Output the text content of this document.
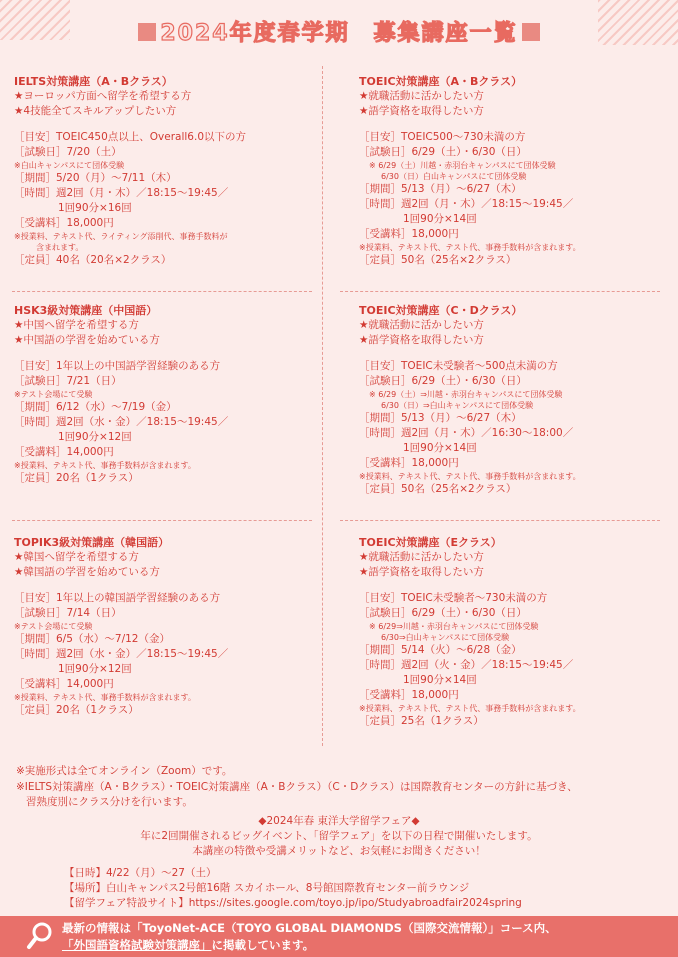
2024年度春学期　募集講座一覧
IELTS対策講座（A・Bクラス）
★ヨーロッパ方面へ留学を希望する方
★4技能全てスキルアップしたい方
［目安］TOEIC450点以上、Overall6.0以下の方
［試験日］7/20（土）
※白山キャンパスにて団体受験
［期間］5/20（月）〜7/11（木）
［時間］週2回（月・木）／18:15〜19:45／
1回90分×16回
［受講料］18,000円
※授業料、テキスト代、ライティング添削代、事務手数料が
含まれます。
［定員］40名（20名×2クラス）
HSK3級対策講座（中国語）
★中国へ留学を希望する方
★中国語の学習を始めている方
［目安］1年以上の中国語学習経験のある方
［試験日］7/21（日）
※テスト会場にて受験
［期間］6/12（水）〜7/19（金）
［時間］週2回（水・金）／18:15〜19:45／
1回90分×12回
［受講料］14,000円
※授業料、テキスト代、事務手数料が含まれます。
［定員］20名（1クラス）
TOPIK3級対策講座（韓国語）
★韓国へ留学を希望する方
★韓国語の学習を始めている方
［目安］1年以上の韓国語学習経験のある方
［試験日］7/14（日）
※テスト会場にて受験
［期間］6/5（水）〜7/12（金）
［時間］週2回（水・金）／18:15〜19:45／
1回90分×12回
［受講料］14,000円
※授業料、テキスト代、事務手数料が含まれます。
［定員］20名（1クラス）
TOEIC対策講座（A・Bクラス）
★就職活動に活かしたい方
★語学資格を取得したい方
［目安］TOEIC500〜730未満の方
［試験日］6/29（土）・6/30（日）
※ 6/29（土）川越・赤羽台キャンパスにて団体受験
6/30（日）白山キャンパスにて団体受験
［期間］5/13（月）〜6/27（木）
［時間］週2回（月・木）／18:15〜19:45／
1回90分×14回
［受講料］18,000円
※授業料、テキスト代、テスト代、事務手数料が含まれます。
［定員］50名（25名×2クラス）
TOEIC対策講座（C・Dクラス）
★就職活動に活かしたい方
★語学資格を取得したい方
［目安］TOEIC未受験者〜500点未満の方
［試験日］6/29（土）・6/30（日）
※ 6/29（土）⇒川越・赤羽台キャンパスにて団体受験
6/30（日）⇒白山キャンパスにて団体受験
［期間］5/13（月）〜6/27（木）
［時間］週2回（月・木）／16:30〜18:00／
1回90分×14回
［受講料］18,000円
※授業料、テキスト代、テスト代、事務手数料が含まれます。
［定員］50名（25名×2クラス）
TOEIC対策講座（Eクラス）
★就職活動に活かしたい方
★語学資格を取得したい方
［目安］TOEIC未受験者〜730未満の方
［試験日］6/29（土）・6/30（日）
※ 6/29⇒川越・赤羽台キャンパスにて団体受験
6/30⇒白山キャンパスにて団体受験
［期間］5/14（火）〜6/28（金）
［時間］週2回（火・金）／18:15〜19:45／
1回90分×14回
［受講料］18,000円
※授業料、テキスト代、テスト代、事務手数料が含まれます。
［定員］25名（1クラス）
※実施形式は全てオンライン（Zoom）です。
※IELTS対策講座（A・Bクラス）・TOEIC対策講座（A・Bクラス）（C・Dクラス）は国際教育センターの方針に基づき、
習熟度別にクラス分けを行います。
◆2024年春 東洋大学留学フェア◆
年に2回開催されるビッグイベント、「留学フェア」を以下の日程で開催いたします。
本講座の特徴や受講メリットなど、お気軽にお聞きください！
【日時】4/22（月）〜27（土）
【場所】白山キャンパス2号館16階 スカイホール、8号館国際教育センター前ラウンジ
【留学フェア特設サイト】https://sites.google.com/toyo.jp/ipo/Studyabroadfair2024spring
最新の情報は「ToyoNet-ACE（TOYO GLOBAL DIAMONDS（国際交流情報）」コース内、
「外国語資格試験対策講座」に掲載しています。
